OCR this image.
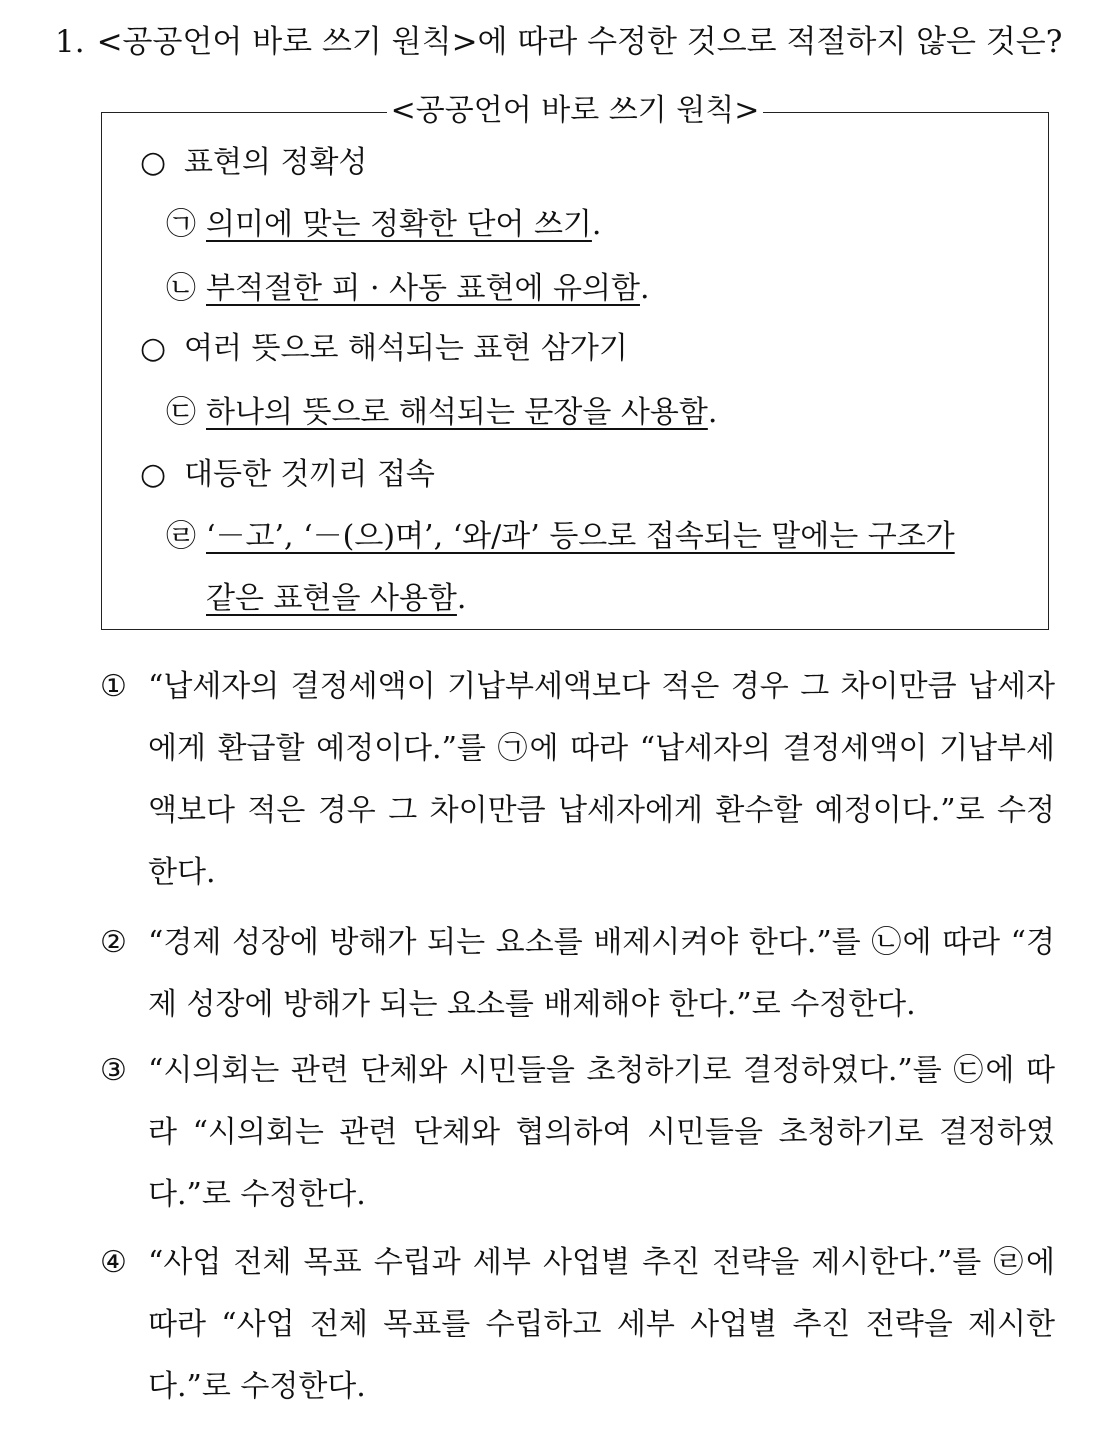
1. <공공언어 바로 쓰기 원칙>에 따라 수정한 것으로 적절하지 않은 것은?
<공공언어 바로 쓰기 원칙>
○ 표현의 정확성
㉠ 의미에 맞는 정확한 단어 쓰기.
㉡ 부적절한 피 · 사동 표현에 유의함.
○ 여러 뜻으로 해석되는 표현 삼가기
㉢ 하나의 뜻으로 해석되는 문장을 사용함.
○ 대등한 것끼리 접속
㉣ ‘－고’, ‘－(으)며’, ‘와/과’ 등으로 접속되는 말에는 구조가
같은 표현을 사용함.
① “납세자의 결정세액이 기납부세액보다 적은 경우 그 차이만큼 납세자에게 환급할 예정이다.”를 ㉠에 따라 “납세자의 결정세액이 기납부세액보다 적은 경우 그 차이만큼 납세자에게 환수할 예정이다.”로 수정한다.
② “경제 성장에 방해가 되는 요소를 배제시켜야 한다.”를 ㉡에 따라 “경제 성장에 방해가 되는 요소를 배제해야 한다.”로 수정한다.
③ “시의회는 관련 단체와 시민들을 초청하기로 결정하였다.”를 ㉢에 따라 “시의회는 관련 단체와 협의하여 시민들을 초청하기로 결정하였다.”로 수정한다.
④ “사업 전체 목표 수립과 세부 사업별 추진 전략을 제시한다.”를 ㉣에 따라 “사업 전체 목표를 수립하고 세부 사업별 추진 전략을 제시한다.”로 수정한다.
